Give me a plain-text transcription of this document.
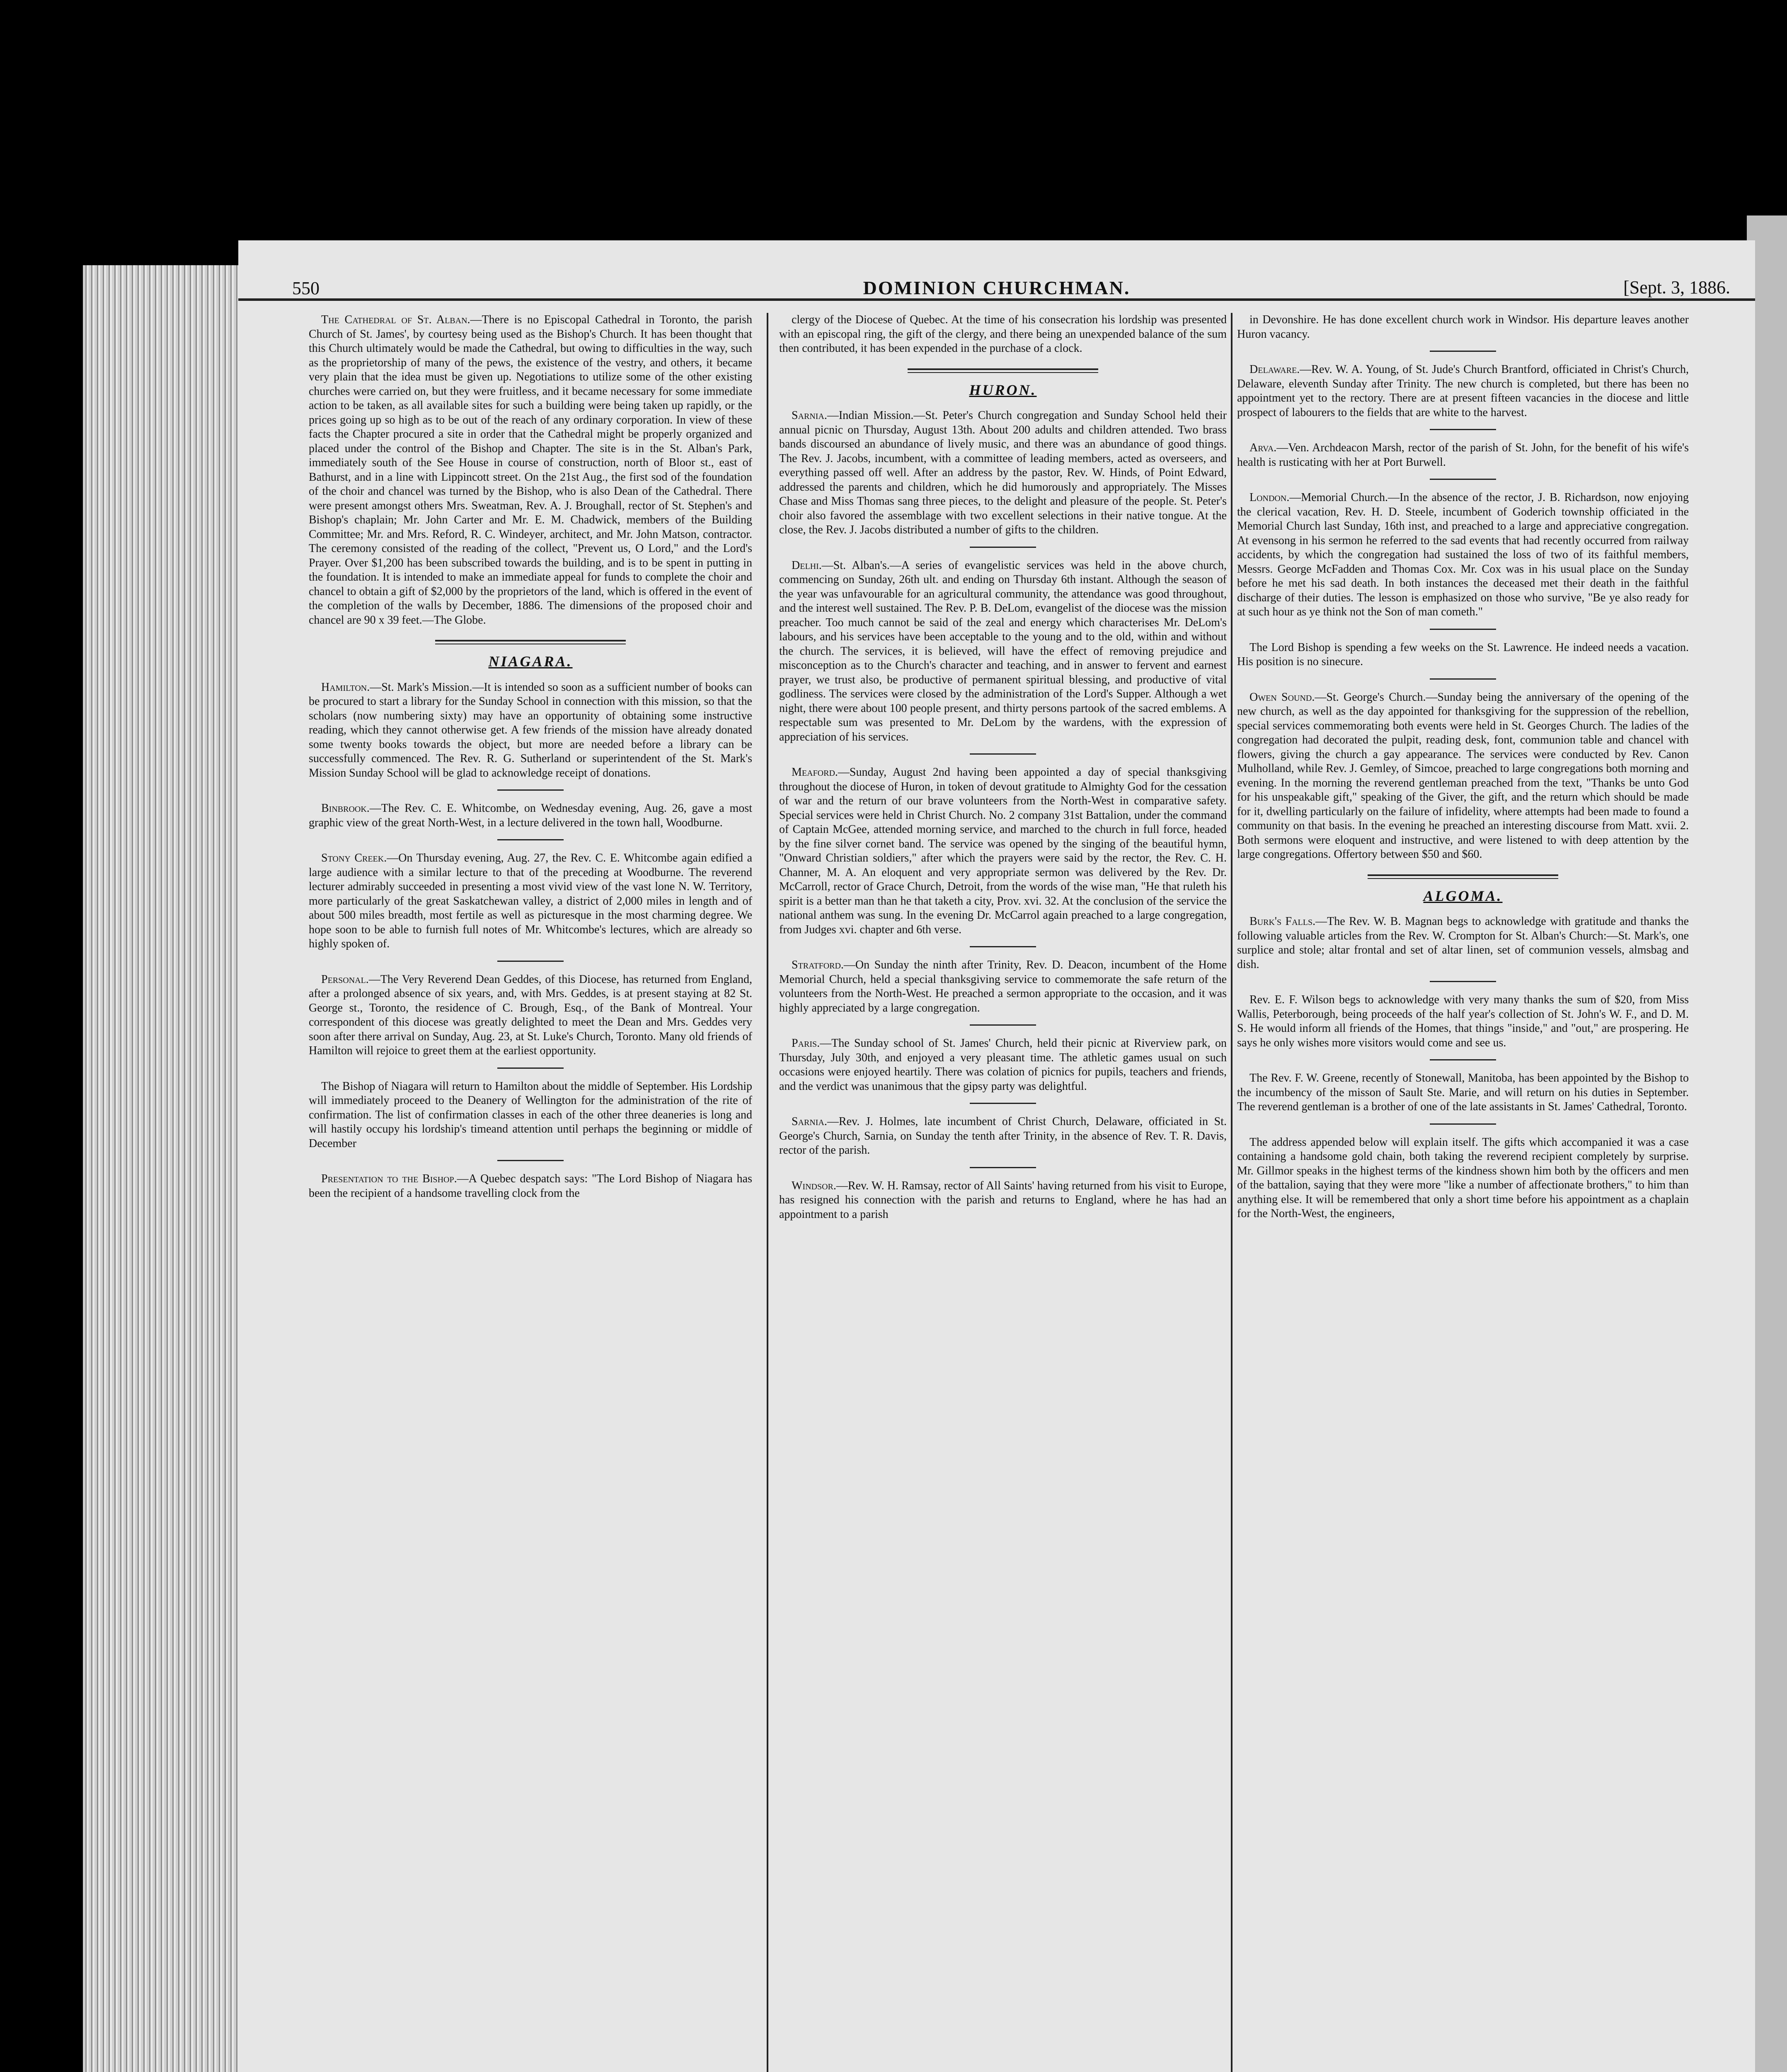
550	DOMINION CHURCHMAN.	[Sept. 3, 1886.

The Cathedral of St. Alban.—There is no Episcopal Cathedral in Toronto, the parish Church of St. James', by courtesy being used as the Bishop's Church. It has been thought that this Church ultimately would be made the Cathedral, but owing to difficulties in the way, such as the proprietorship of many of the pews, the existence of the vestry, and others, it became very plain that the idea must be given up. Negotiations to utilize some of the other existing churches were carried on, but they were fruitless, and it became necessary for some immediate action to be taken, as all available sites for such a building were being taken up rapidly, or the prices going up so high as to be out of the reach of any ordinary corporation. In view of these facts the Chapter procured a site in order that the Cathedral might be properly organized and placed under the control of the Bishop and Chapter. The site is in the St. Alban's Park, immediately south of the See House in course of construction, north of Bloor st., east of Bathurst, and in a line with Lippincott street. On the 21st Aug., the first sod of the foundation of the choir and chancel was turned by the Bishop, who is also Dean of the Cathedral. There were present amongst others Mrs. Sweatman, Rev. A. J. Broughall, rector of St. Stephen's and Bishop's chaplain; Mr. John Carter and Mr. E. M. Chadwick, members of the Building Committee; Mr. and Mrs. Reford, R. C. Windeyer, architect, and Mr. John Matson, contractor. The ceremony consisted of the reading of the collect, "Prevent us, O Lord," and the Lord's Prayer. Over $1,200 has been subscribed towards the building, and is to be spent in putting in the foundation. It is intended to make an immediate appeal for funds to complete the choir and chancel to obtain a gift of $2,000 by the proprietors of the land, which is offered in the event of the completion of the walls by December, 1886. The dimensions of the proposed choir and chancel are 90 x 39 feet.—The Globe.

NIAGARA.

Hamilton.—St. Mark's Mission.—It is intended so soon as a sufficient number of books can be procured to start a library for the Sunday School in connection with this mission, so that the scholars (now numbering sixty) may have an opportunity of obtaining some instructive reading, which they cannot otherwise get. A few friends of the mission have already donated some twenty books towards the object, but more are needed before a library can be successfully commenced. The Rev. R. G. Sutherland or superintendent of the St. Mark's Mission Sunday School will be glad to acknowledge receipt of donations.

Binbrook.—The Rev. C. E. Whitcombe, on Wednesday evening, Aug. 26, gave a most graphic view of the great North-West, in a lecture delivered in the town hall, Woodburne.

Stony Creek.—On Thursday evening, Aug. 27, the Rev. C. E. Whitcombe again edified a large audience with a similar lecture to that of the preceding at Woodburne. The reverend lecturer admirably succeeded in presenting a most vivid view of the vast lone N. W. Territory, more particularly of the great Saskatchewan valley, a district of 2,000 miles in length and of about 500 miles breadth, most fertile as well as picturesque in the most charming degree. We hope soon to be able to furnish full notes of Mr. Whitcombe's lectures, which are already so highly spoken of.

Personal.—The Very Reverend Dean Geddes, of this Diocese, has returned from England, after a prolonged absence of six years, and, with Mrs. Geddes, is at present staying at 82 St. George st., Toronto, the residence of C. Brough, Esq., of the Bank of Montreal. Your correspondent of this diocese was greatly delighted to meet the Dean and Mrs. Geddes very soon after there arrival on Sunday, Aug. 23, at St. Luke's Church, Toronto. Many old friends of Hamilton will rejoice to greet them at the earliest opportunity.

The Bishop of Niagara will return to Hamilton about the middle of September. His Lordship will immediately proceed to the Deanery of Wellington for the administration of the rite of confirmation. The list of confirmation classes in each of the other three deaneries is long and will hastily occupy his lordship's timeand attention until perhaps the beginning or middle of December

Presentation to the Bishop.—A Quebec despatch says: "The Lord Bishop of Niagara has been the recipient of a handsome travelling clock from the

clergy of the Diocese of Quebec. At the time of his consecration his lordship was presented with an episcopal ring, the gift of the clergy, and there being an unexpended balance of the sum then contributed, it has been expended in the purchase of a clock.

HURON.

Sarnia.—Indian Mission.—St. Peter's Church congregation and Sunday School held their annual picnic on Thursday, August 13th. About 200 adults and children attended. Two brass bands discoursed an abundance of lively music, and there was an abundance of good things. The Rev. J. Jacobs, incumbent, with a committee of leading members, acted as overseers, and everything passed off well. After an address by the pastor, Rev. W. Hinds, of Point Edward, addressed the parents and children, which he did humorously and appropriately. The Misses Chase and Miss Thomas sang three pieces, to the delight and pleasure of the people. St. Peter's choir also favored the assemblage with two excellent selections in their native tongue. At the close, the Rev. J. Jacobs distributed a number of gifts to the children.

Delhi.—St. Alban's.—A series of evangelistic services was held in the above church, commencing on Sunday, 26th ult. and ending on Thursday 6th instant. Although the season of the year was unfavourable for an agricultural community, the attendance was good throughout, and the interest well sustained. The Rev. P. B. DeLom, evangelist of the diocese was the mission preacher. Too much cannot be said of the zeal and energy which characterises Mr. DeLom's labours, and his services have been acceptable to the young and to the old, within and without the church. The services, it is believed, will have the effect of removing prejudice and misconception as to the Church's character and teaching, and in answer to fervent and earnest prayer, we trust also, be productive of permanent spiritual blessing, and productive of vital godliness. The services were closed by the administration of the Lord's Supper. Although a wet night, there were about 100 people present, and thirty persons partook of the sacred emblems. A respectable sum was presented to Mr. DeLom by the wardens, with the expression of appreciation of his services.

Meaford.—Sunday, August 2nd having been appointed a day of special thanksgiving throughout the diocese of Huron, in token of devout gratitude to Almighty God for the cessation of war and the return of our brave volunteers from the North-West in comparative safety. Special services were held in Christ Church. No. 2 company 31st Battalion, under the command of Captain McGee, attended morning service, and marched to the church in full force, headed by the fine silver cornet band. The service was opened by the singing of the beautiful hymn, "Onward Christian soldiers," after which the prayers were said by the rector, the Rev. C. H. Channer, M. A. An eloquent and very appropriate sermon was delivered by the Rev. Dr. McCarroll, rector of Grace Church, Detroit, from the words of the wise man, "He that ruleth his spirit is a better man than he that taketh a city, Prov. xvi. 32. At the conclusion of the service the national anthem was sung. In the evening Dr. McCarrol again preached to a large congregation, from Judges xvi. chapter and 6th verse.

Stratford.—On Sunday the ninth after Trinity, Rev. D. Deacon, incumbent of the Home Memorial Church, held a special thanksgiving service to commemorate the safe return of the volunteers from the North-West. He preached a sermon appropriate to the occasion, and it was highly appreciated by a large congregation.

Paris.—The Sunday school of St. James' Church, held their picnic at Riverview park, on Thursday, July 30th, and enjoyed a very pleasant time. The athletic games usual on such occasions were enjoyed heartily. There was colation of picnics for pupils, teachers and friends, and the verdict was unanimous that the gipsy party was delightful.

Sarnia.—Rev. J. Holmes, late incumbent of Christ Church, Delaware, officiated in St. George's Church, Sarnia, on Sunday the tenth after Trinity, in the absence of Rev. T. R. Davis, rector of the parish.

Windsor.—Rev. W. H. Ramsay, rector of All Saints' having returned from his visit to Europe, has resigned his connection with the parish and returns to England, where he has had an appointment to a parish

in Devonshire. He has done excellent church work in Windsor. His departure leaves another Huron vacancy.

Delaware.—Rev. W. A. Young, of St. Jude's Church Brantford, officiated in Christ's Church, Delaware, eleventh Sunday after Trinity. The new church is completed, but there has been no appointment yet to the rectory. There are at present fifteen vacancies in the diocese and little prospect of labourers to the fields that are white to the harvest.

Arva.—Ven. Archdeacon Marsh, rector of the parish of St. John, for the benefit of his wife's health is rusticating with her at Port Burwell.

London.—Memorial Church.—In the absence of the rector, J. B. Richardson, now enjoying the clerical vacation, Rev. H. D. Steele, incumbent of Goderich township officiated in the Memorial Church last Sunday, 16th inst, and preached to a large and appreciative congregation. At evensong in his sermon he referred to the sad events that had recently occurred from railway accidents, by which the congregation had sustained the loss of two of its faithful members, Messrs. George McFadden and Thomas Cox. Mr. Cox was in his usual place on the Sunday before he met his sad death. In both instances the deceased met their death in the faithful discharge of their duties. The lesson is emphasized on those who survive, "Be ye also ready for at such hour as ye think not the Son of man cometh."

The Lord Bishop is spending a few weeks on the St. Lawrence. He indeed needs a vacation. His position is no sinecure.

Owen Sound.—St. George's Church.—Sunday being the anniversary of the opening of the new church, as well as the day appointed for thanksgiving for the suppression of the rebellion, special services commemorating both events were held in St. Georges Church. The ladies of the congregation had decorated the pulpit, reading desk, font, communion table and chancel with flowers, giving the church a gay appearance. The services were conducted by Rev. Canon Mulholland, while Rev. J. Gemley, of Simcoe, preached to large congregations both morning and evening. In the morning the reverend gentleman preached from the text, "Thanks be unto God for his unspeakable gift," speaking of the Giver, the gift, and the return which should be made for it, dwelling particularly on the failure of infidelity, where attempts had been made to found a community on that basis. In the evening he preached an interesting discourse from Matt. xvii. 2. Both sermons were eloquent and instructive, and were listened to with deep attention by the large congregations. Offertory between $50 and $60.

ALGOMA.

Burk's Falls.—The Rev. W. B. Magnan begs to acknowledge with gratitude and thanks the following valuable articles from the Rev. W. Crompton for St. Alban's Church:—St. Mark's, one surplice and stole; altar frontal and set of altar linen, set of communion vessels, almsbag and dish.

Rev. E. F. Wilson begs to acknowledge with very many thanks the sum of $20, from Miss Wallis, Peterborough, being proceeds of the half year's collection of St. John's W. F., and D. M. S. He would inform all friends of the Homes, that things "inside," and "out," are prospering. He says he only wishes more visitors would come and see us.

The Rev. F. W. Greene, recently of Stonewall, Manitoba, has been appointed by the Bishop to the incumbency of the misson of Sault Ste. Marie, and will return on his duties in September. The reverend gentleman is a brother of one of the late assistants in St. James' Cathedral, Toronto.

The address appended below will explain itself. The gifts which accompanied it was a case containing a handsome gold chain, both taking the reverend recipient completely by surprise. Mr. Gillmor speaks in the highest terms of the kindness shown him both by the officers and men of the battalion, saying that they were more "like a number of affectionate brothers," to him than anything else. It will be remembered that only a short time before his appointment as a chaplain for the North-West, the engineers,
